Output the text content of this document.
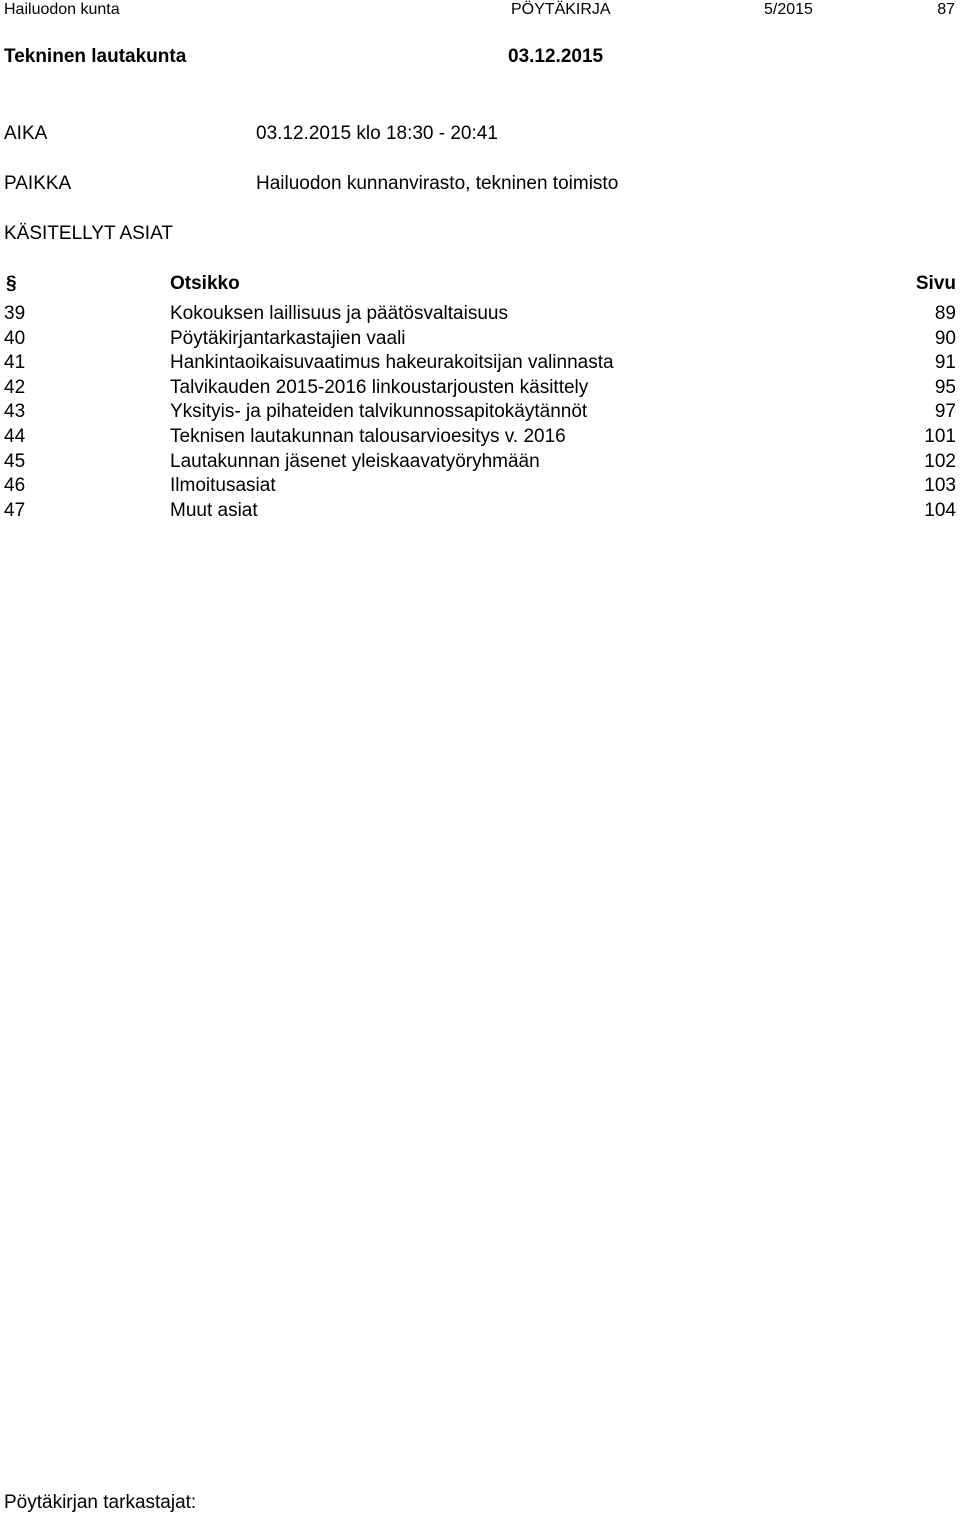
Hailuodon kunta	PÖYTÄKIRJA	5/2015	87
Tekninen lautakunta	03.12.2015
AIKA	03.12.2015 klo 18:30 - 20:41
PAIKKA	Hailuodon kunnanvirasto, tekninen toimisto
KÄSITELLYT ASIAT
§	Otsikko	Sivu
39	Kokouksen laillisuus ja päätösvaltaisuus	89
40	Pöytäkirjantarkastajien vaali	90
41	Hankintaoikaisuvaatimus hakeurakoitsijan valinnasta	91
42	Talvikauden 2015-2016 linkoustarjousten käsittely	95
43	Yksityis- ja pihateiden talvikunnossapitokäytännöt	97
44	Teknisen lautakunnan talousarvioesitys v. 2016	101
45	Lautakunnan jäsenet yleiskaavatyöryhmään	102
46	Ilmoitusasiat	103
47	Muut asiat	104
Pöytäkirjan tarkastajat:
